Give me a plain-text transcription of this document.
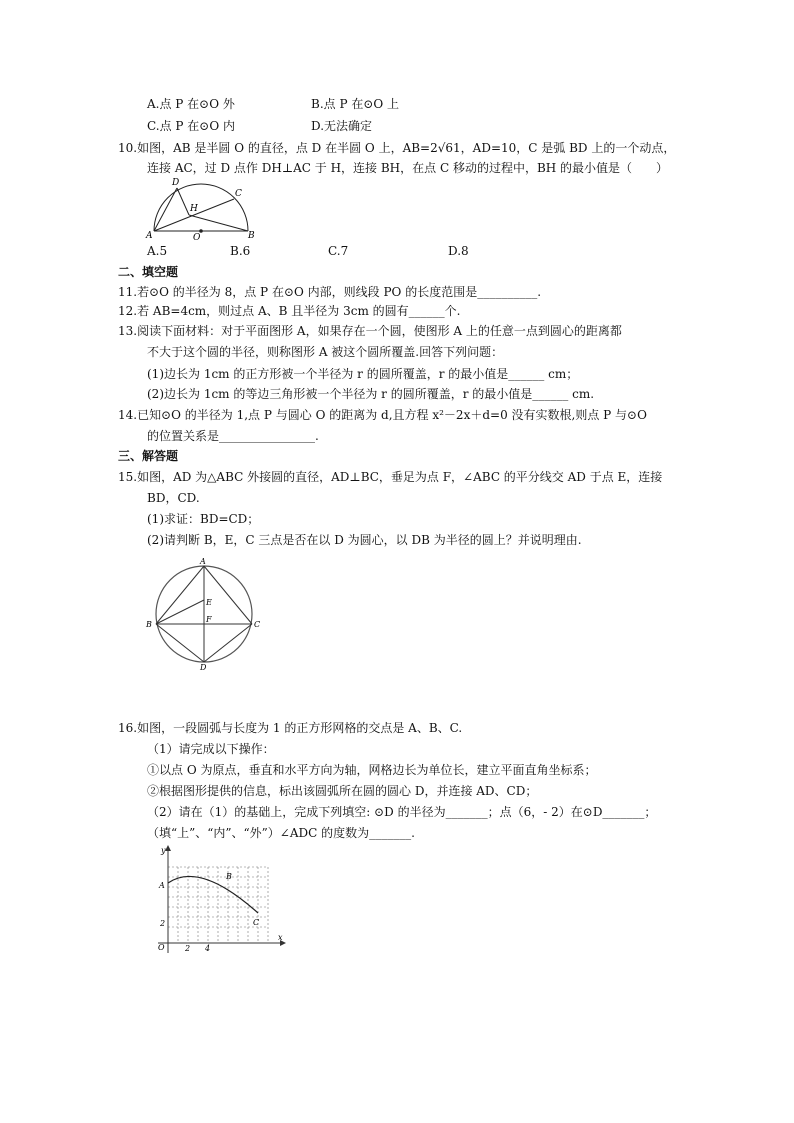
A.点 P 在⊙O 外	B.点 P 在⊙O 上
C.点 P 在⊙O 内	D.无法确定
10.如图，AB 是半圆 O 的直径，点 D 在半圆 O 上，AB=2√61，AD=10，C 是弧 BD 上的一个动点，
连接 AC，过 D 点作 DH⊥AC 于 H，连接 BH，在点 C 移动的过程中，BH 的最小值是（　　）
D
C
H
A	O	B
A.5	B.6	C.7	D.8
二、填空题
11.若⊙O 的半径为 8，点 P 在⊙O 内部，则线段 PO 的长度范围是__________.
12.若 AB=4cm，则过点 A、B 且半径为 3cm 的圆有______个.
13.阅读下面材料：对于平面图形 A，如果存在一个圆，使图形 A 上的任意一点到圆心的距离都
不大于这个圆的半径，则称图形 A 被这个圆所覆盖.回答下列问题：
(1)边长为 1cm 的正方形被一个半径为 r 的圆所覆盖，r 的最小值是______ cm；
(2)边长为 1cm 的等边三角形被一个半径为 r 的圆所覆盖，r 的最小值是______ cm.
14.已知⊙O 的半径为 1,点 P 与圆心 O 的距离为 d,且方程 x²－2x＋d=0 没有实数根,则点 P 与⊙O
的位置关系是________________.
三、解答题
15.如图，AD 为△ABC 外接圆的直径，AD⊥BC，垂足为点 F，∠ABC 的平分线交 AD 于点 E，连接
BD，CD.
(1)求证：BD=CD；
(2)请判断 B，E，C 三点是否在以 D 为圆心，以 DB 为半径的圆上？并说明理由.
A
B	C
D
E
F
16.如图，一段圆弧与长度为 1 的正方形网格的交点是 A、B、C.
（1）请完成以下操作：
①以点 O 为原点，垂直和水平方向为轴，网格边长为单位长，建立平面直角坐标系；
②根据图形提供的信息，标出该圆弧所在圆的圆心 D，并连接 AD、CD；
（2）请在（1）的基础上，完成下列填空: ⊙D 的半径为_______；点（6，- 2）在⊙D_______；
（填“上”、“内”、“外”）∠ADC 的度数为_______.
y
x
O
A
B
C
2 4
2
